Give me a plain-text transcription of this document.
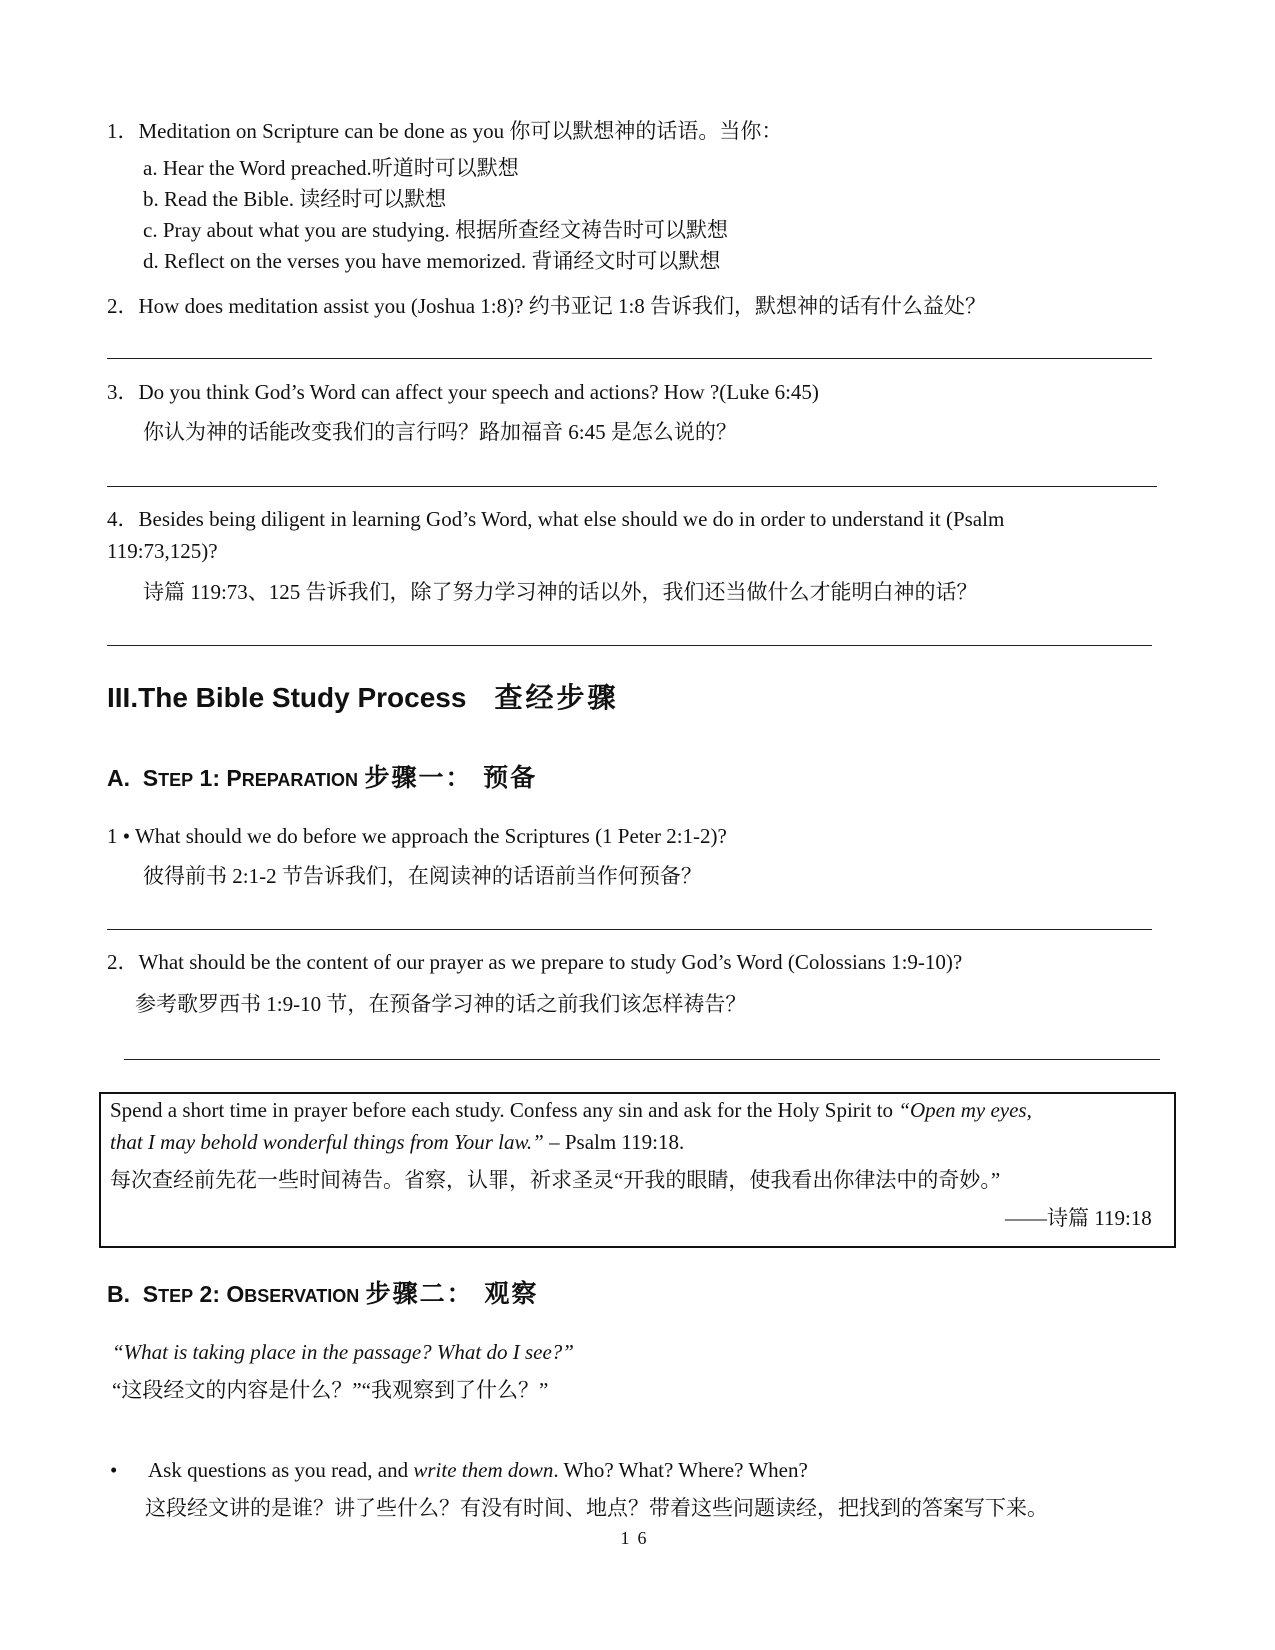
1．Meditation on Scripture can be done as you 你可以默想神的话语。当你：
a. Hear the Word preached.听道时可以默想
b. Read the Bible. 读经时可以默想
c. Pray about what you are studying. 根据所查经文祷告时可以默想
d. Reflect on the verses you have memorized. 背诵经文时可以默想
2．How does meditation assist you (Joshua 1:8)? 约书亚记 1:8 告诉我们，默想神的话有什么益处？
3．Do you think God’s Word can affect your speech and actions? How ?(Luke 6:45)
你认为神的话能改变我们的言行吗？路加福音 6:45 是怎么说的？
4．Besides being diligent in learning God’s Word, what else should we do in order to understand it (Psalm
119:73,125)?
诗篇 119:73、125 告诉我们，除了努力学习神的话以外，我们还当做什么才能明白神的话？
III.The Bible Study Process 查经步骤
A. STEP 1: PREPARATION 步骤一： 预备
1 • What should we do before we approach the Scriptures (1 Peter 2:1-2)?
彼得前书 2:1-2 节告诉我们，在阅读神的话语前当作何预备？
2．What should be the content of our prayer as we prepare to study God’s Word (Colossians 1:9-10)?
参考歌罗西书 1:9-10 节，在预备学习神的话之前我们该怎样祷告？
Spend a short time in prayer before each study. Confess any sin and ask for the Holy Spirit to “Open my eyes,
that I may behold wonderful things from Your law.” – Psalm 119:18.
每次查经前先花一些时间祷告。省察，认罪，祈求圣灵“开我的眼睛，使我看出你律法中的奇妙。”
——诗篇 119:18
B. STEP 2: OBSERVATION 步骤二： 观察
“What is taking place in the passage? What do I see?”
“这段经文的内容是什么？”“我观察到了什么？”
• Ask questions as you read, and write them down. Who? What? Where? When?
这段经文讲的是谁？讲了些什么？有没有时间、地点？带着这些问题读经，把找到的答案写下来。
16
